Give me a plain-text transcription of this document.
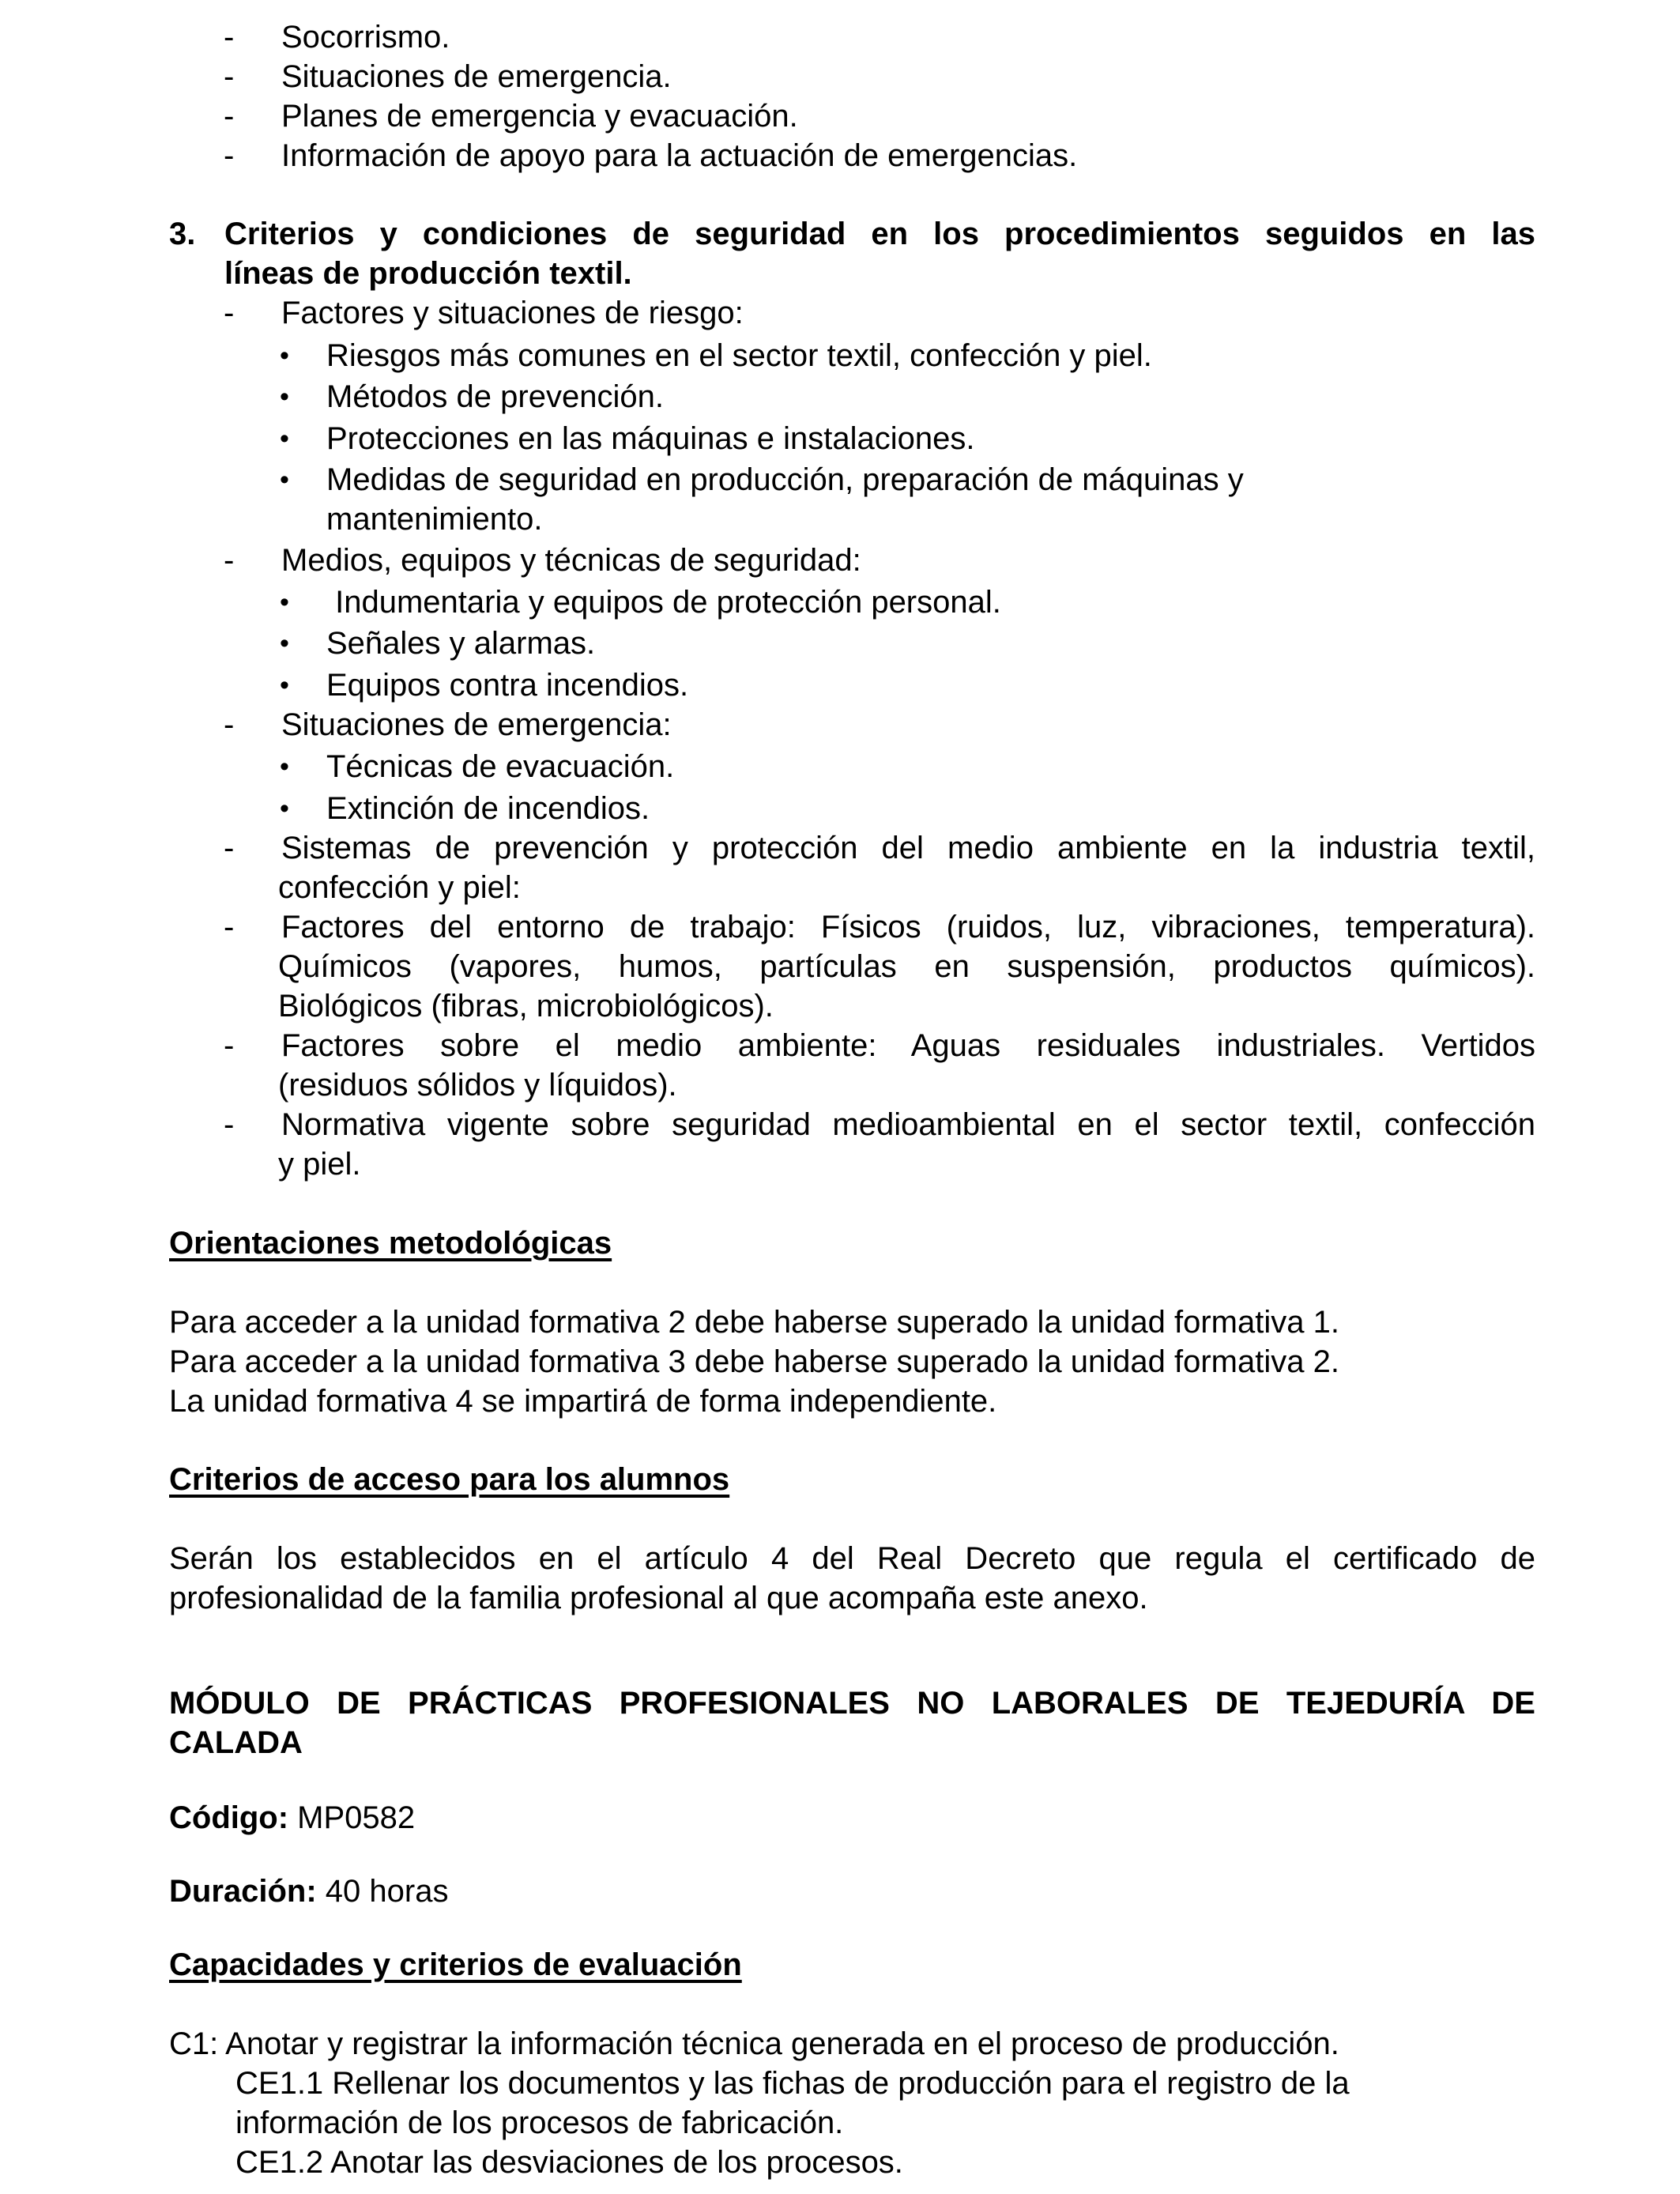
- Socorrismo.
- Situaciones de emergencia.
- Planes de emergencia y evacuación.
- Información de apoyo para la actuación de emergencias.
3. Criterios y condiciones de seguridad en los procedimientos seguidos en las
líneas de producción textil.
- Factores y situaciones de riesgo:
• Riesgos más comunes en el sector textil, confección y piel.
• Métodos de prevención.
• Protecciones en las máquinas e instalaciones.
• Medidas de seguridad en producción, preparación de máquinas y
mantenimiento.
- Medios, equipos y técnicas de seguridad:
• Indumentaria y equipos de protección personal.
• Señales y alarmas.
• Equipos contra incendios.
- Situaciones de emergencia:
• Técnicas de evacuación.
• Extinción de incendios.
- Sistemas de prevención y protección del medio ambiente en la industria textil,
confección y piel:
- Factores del entorno de trabajo: Físicos (ruidos, luz, vibraciones, temperatura).
Químicos (vapores, humos, partículas en suspensión, productos químicos).
Biológicos (fibras, microbiológicos).
- Factores sobre el medio ambiente: Aguas residuales industriales. Vertidos
(residuos sólidos y líquidos).
- Normativa vigente sobre seguridad medioambiental en el sector textil, confección
y piel.
Orientaciones metodológicas
Para acceder a la unidad formativa 2 debe haberse superado la unidad formativa 1.
Para acceder a la unidad formativa 3 debe haberse superado la unidad formativa 2.
La unidad formativa 4 se impartirá de forma independiente.
Criterios de acceso para los alumnos
Serán los establecidos en el artículo 4 del Real Decreto que regula el certificado de
profesionalidad de la familia profesional al que acompaña este anexo.
MÓDULO DE PRÁCTICAS PROFESIONALES NO LABORALES DE TEJEDURÍA DE
CALADA
Código: MP0582
Duración: 40 horas
Capacidades y criterios de evaluación
C1: Anotar y registrar la información técnica generada en el proceso de producción.
CE1.1 Rellenar los documentos y las fichas de producción para el registro de la
información de los procesos de fabricación.
CE1.2 Anotar las desviaciones de los procesos.
